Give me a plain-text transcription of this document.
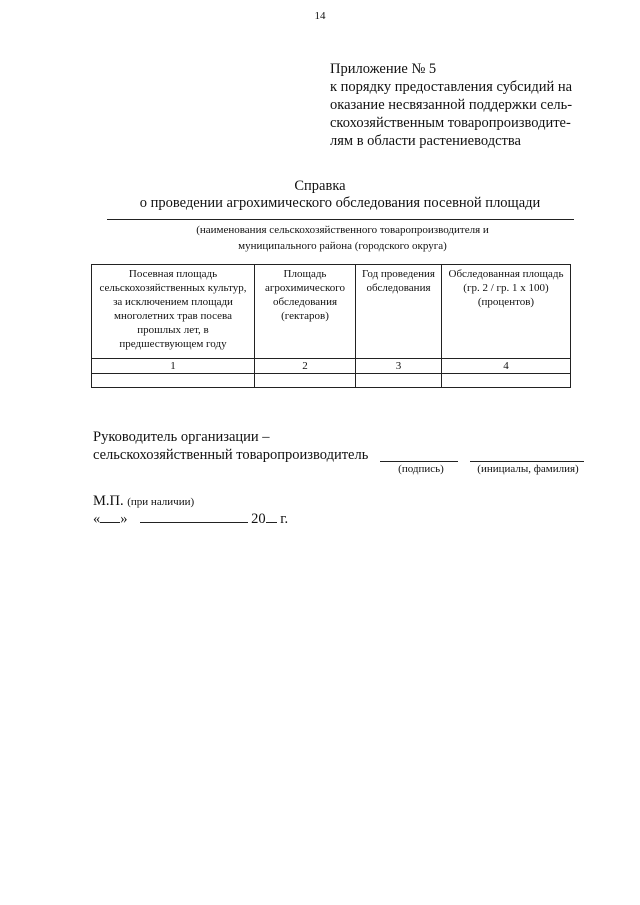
14
Приложение № 5
к порядку предоставления субсидий на
оказание несвязанной поддержки сель-
скохозяйственным товаропроизводите-
лям в области растениеводства
Справка
о проведении агрохимического обследования посевной площади
(наименования сельскохозяйственного товаропроизводителя и
муниципального района (городского округа)
Посевная площадь сельскохозяйственных культур, за исключением площади многолетних трав посева прошлых лет, в предшествующем году	Площадь агрохимического обследования (гектаров)	Год проведения обследования	Обследованная площадь (гр. 2 / гр. 1 х 100) (процентов)
1	2	3	4

Руководитель организации –
сельскохозяйственный товаропроизводитель
(подпись)	(инициалы, фамилия)
М.П. (при наличии)
« »	20 г.
